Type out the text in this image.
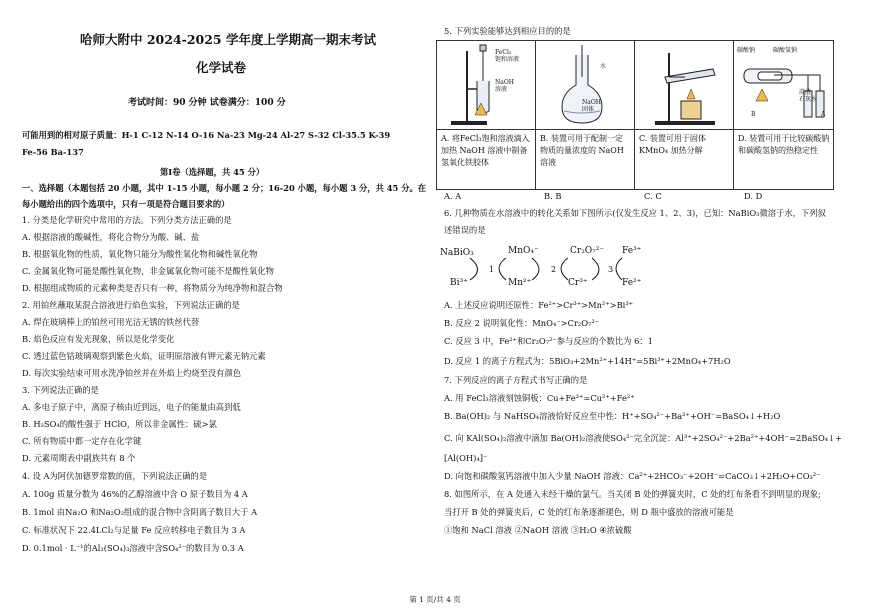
哈师大附中 2024-2025 学年度上学期高一期末考试
化学试卷
考试时间：90 分钟 试卷满分：100 分
可能用到的相对原子质量：H-1 C-12 N-14 O-16 Na-23 Mg-24 Al-27 S-32 Cl-35.5 K-39
Fe-56 Ba-137
第Ⅰ卷（选择题，共 45 分）
一、选择题（本题包括 20 小题，其中 1-15 小题，每小题 2 分；16-20 小题，每小题 3 分，共 45 分。在
每小题给出的四个选项中，只有一项是符合题目要求的）
1. 分类是化学研究中常用的方法。下列分类方法正确的是
A. 根据溶液的酸碱性，将化合物分为酸、碱、盐
B. 根据氧化物的性质，氧化物只能分为酸性氧化物和碱性氧化物
C. 金属氧化物可能是酸性氧化物，非金属氧化物可能不是酸性氧化物
D. 根据组成物质的元素种类是否只有一种，将物质分为纯净物和混合物
2. 用铂丝蘸取某混合溶液进行焰色实验，下列说法正确的是
A. 焊在玻璃棒上的铂丝可用光洁无锈的铁丝代替
B. 焰色反应有发光现象，所以是化学变化
C. 透过蓝色钴玻璃观察到紫色火焰，证明原溶液有钾元素无钠元素
D. 每次实验结束可用水洗净铂丝并在外焰上灼烧至没有颜色
3. 下列说法正确的是
A. 多电子原子中，离原子核由近到远，电子的能量由高到低
B. H₂SO₄的酸性强于 HClO，所以非金属性：硫>氯
C. 所有物质中都一定存在化学键
D. 元素周期表中副族共有 8 个
4. 设 A为阿伏加德罗常数的值，下列说法正确的是
A. 100g 质量分数为 46%的乙醇溶液中含 O 原子数目为 4 A
B. 1mol 由Na₂O 和Na₂O₂组成的混合物中含阴离子数目大于 A
C. 标准状况下 22.4LCl₂与足量 Fe 反应转移电子数目为 3 A
D. 0.1mol · L⁻¹的Al₂(SO₄)₃溶液中含SO₄²⁻的数目为 0.3 A
5. 下列实验能够达到相应目的的是
FeCl₃
饱和溶液
NaOH
溶液
水
NaOH
固体
碳酸钠	碳酸氢钠
澄清
石灰水
B	A
A. 将FeCl₃饱和溶液滴入加热 NaOH 溶液中制备氢氧化铁胶体
B. 装置可用于配制一定物质的量浓度的 NaOH 溶液
C. 装置可用于固体 KMnO₄ 加热分解
D. 装置可用于比较碳酸钠和碳酸氢钠的热稳定性
A. A	B. B	C. C	D. D
6. 几种物质在水溶液中的转化关系如下图所示(仅发生反应 1、2、3)，已知：NaBiO₃微溶于水，下列叙
述错误的是
NaBiO₃	MnO₄⁻	Cr₂O₇²⁻ Fe³⁺
Bi³⁺	Mn²⁺	Cr³⁺	Fe²⁺
1	2	3
A. 上述反应说明还原性：Fe²⁺>Cr³⁺>Mn²⁺>Bi³⁺
B. 反应 2 说明氧化性：MnO₄⁻>Cr₂O₇²⁻
C. 反应 3 中，Fe²⁺和Cr₂O₇²⁻参与反应的个数比为 6：1
D. 反应 1 的离子方程式为：5BiO₃+2Mn²⁺+14H⁺=5Bi³⁺+2MnO₄+7H₂O
7. 下列反应的离子方程式书写正确的是
A. 用 FeCl₃溶液刻蚀铜板：Cu+Fe³⁺=Cu²⁺+Fe²⁺
B. Ba(OH)₂ 与 NaHSO₄溶液恰好反应至中性：H⁺+SO₄²⁻+Ba²⁺+OH⁻=BaSO₄↓+H₂O
C. 向 KAl(SO₄)₂溶液中滴加 Ba(OH)₂溶液使SO₄²⁻完全沉淀：Al³⁺+2SO₄²⁻+2Ba²⁺+4OH⁻=2BaSO₄↓+
[Al(OH)₄]⁻
D. 向饱和碳酸氢钙溶液中加入少量 NaOH 溶液：Ca²⁺+2HCO₃⁻+2OH⁻=CaCO₃↓+2H₂O+CO₃²⁻
8. 如图所示，在 A 处通入未经干燥的氯气。当关闭 B 处的弹簧夹时，C 处的红布条看不到明显的现象;
当打开 B 处的弹簧夹后，C 处的红布条逐渐褪色，则 D 瓶中盛放的溶液可能是
①饱和 NaCl 溶液 ②NaOH 溶液 ③H₂O ④浓硫酸
第 1 页/共 4 页
